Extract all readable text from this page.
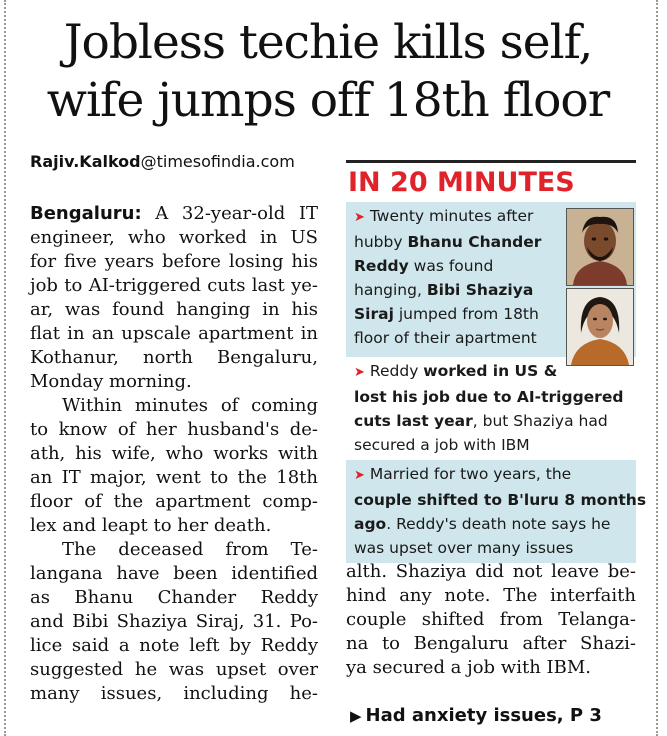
Jobless techie kills self,
wife jumps off 18th floor
Rajiv.Kalkod@timesofindia.com
Bengaluru: A 32-year-old IT
engineer, who worked in US
for five years before losing his
job to AI-triggered cuts last ye-
ar, was found hanging in his
flat in an upscale apartment in
Kothanur, north Bengaluru,
Monday morning.
Within minutes of coming
to know of her husband's de-
ath, his wife, who works with
an IT major, went to the 18th
floor of the apartment comp-
lex and leapt to her death.
The deceased from Te-
langana have been identified
as Bhanu Chander Reddy
and Bibi Shaziya Siraj, 31. Po-
lice said a note left by Reddy
suggested he was upset over
many issues, including he-
IN 20 MINUTES
➤ Twenty minutes after
hubby Bhanu Chander
Reddy was found
hanging, Bibi Shaziya
Siraj jumped from 18th
floor of their apartment
➤ Reddy worked in US &
lost his job due to AI-triggered
cuts last year, but Shaziya had
secured a job with IBM
➤ Married for two years, the
couple shifted to B'luru 8 months
ago. Reddy's death note says he
was upset over many issues
alth. Shaziya did not leave be-
hind any note. The interfaith
couple shifted from Telanga-
na to Bengaluru after Shazi-
ya secured a job with IBM.
▶ Had anxiety issues, P 3
